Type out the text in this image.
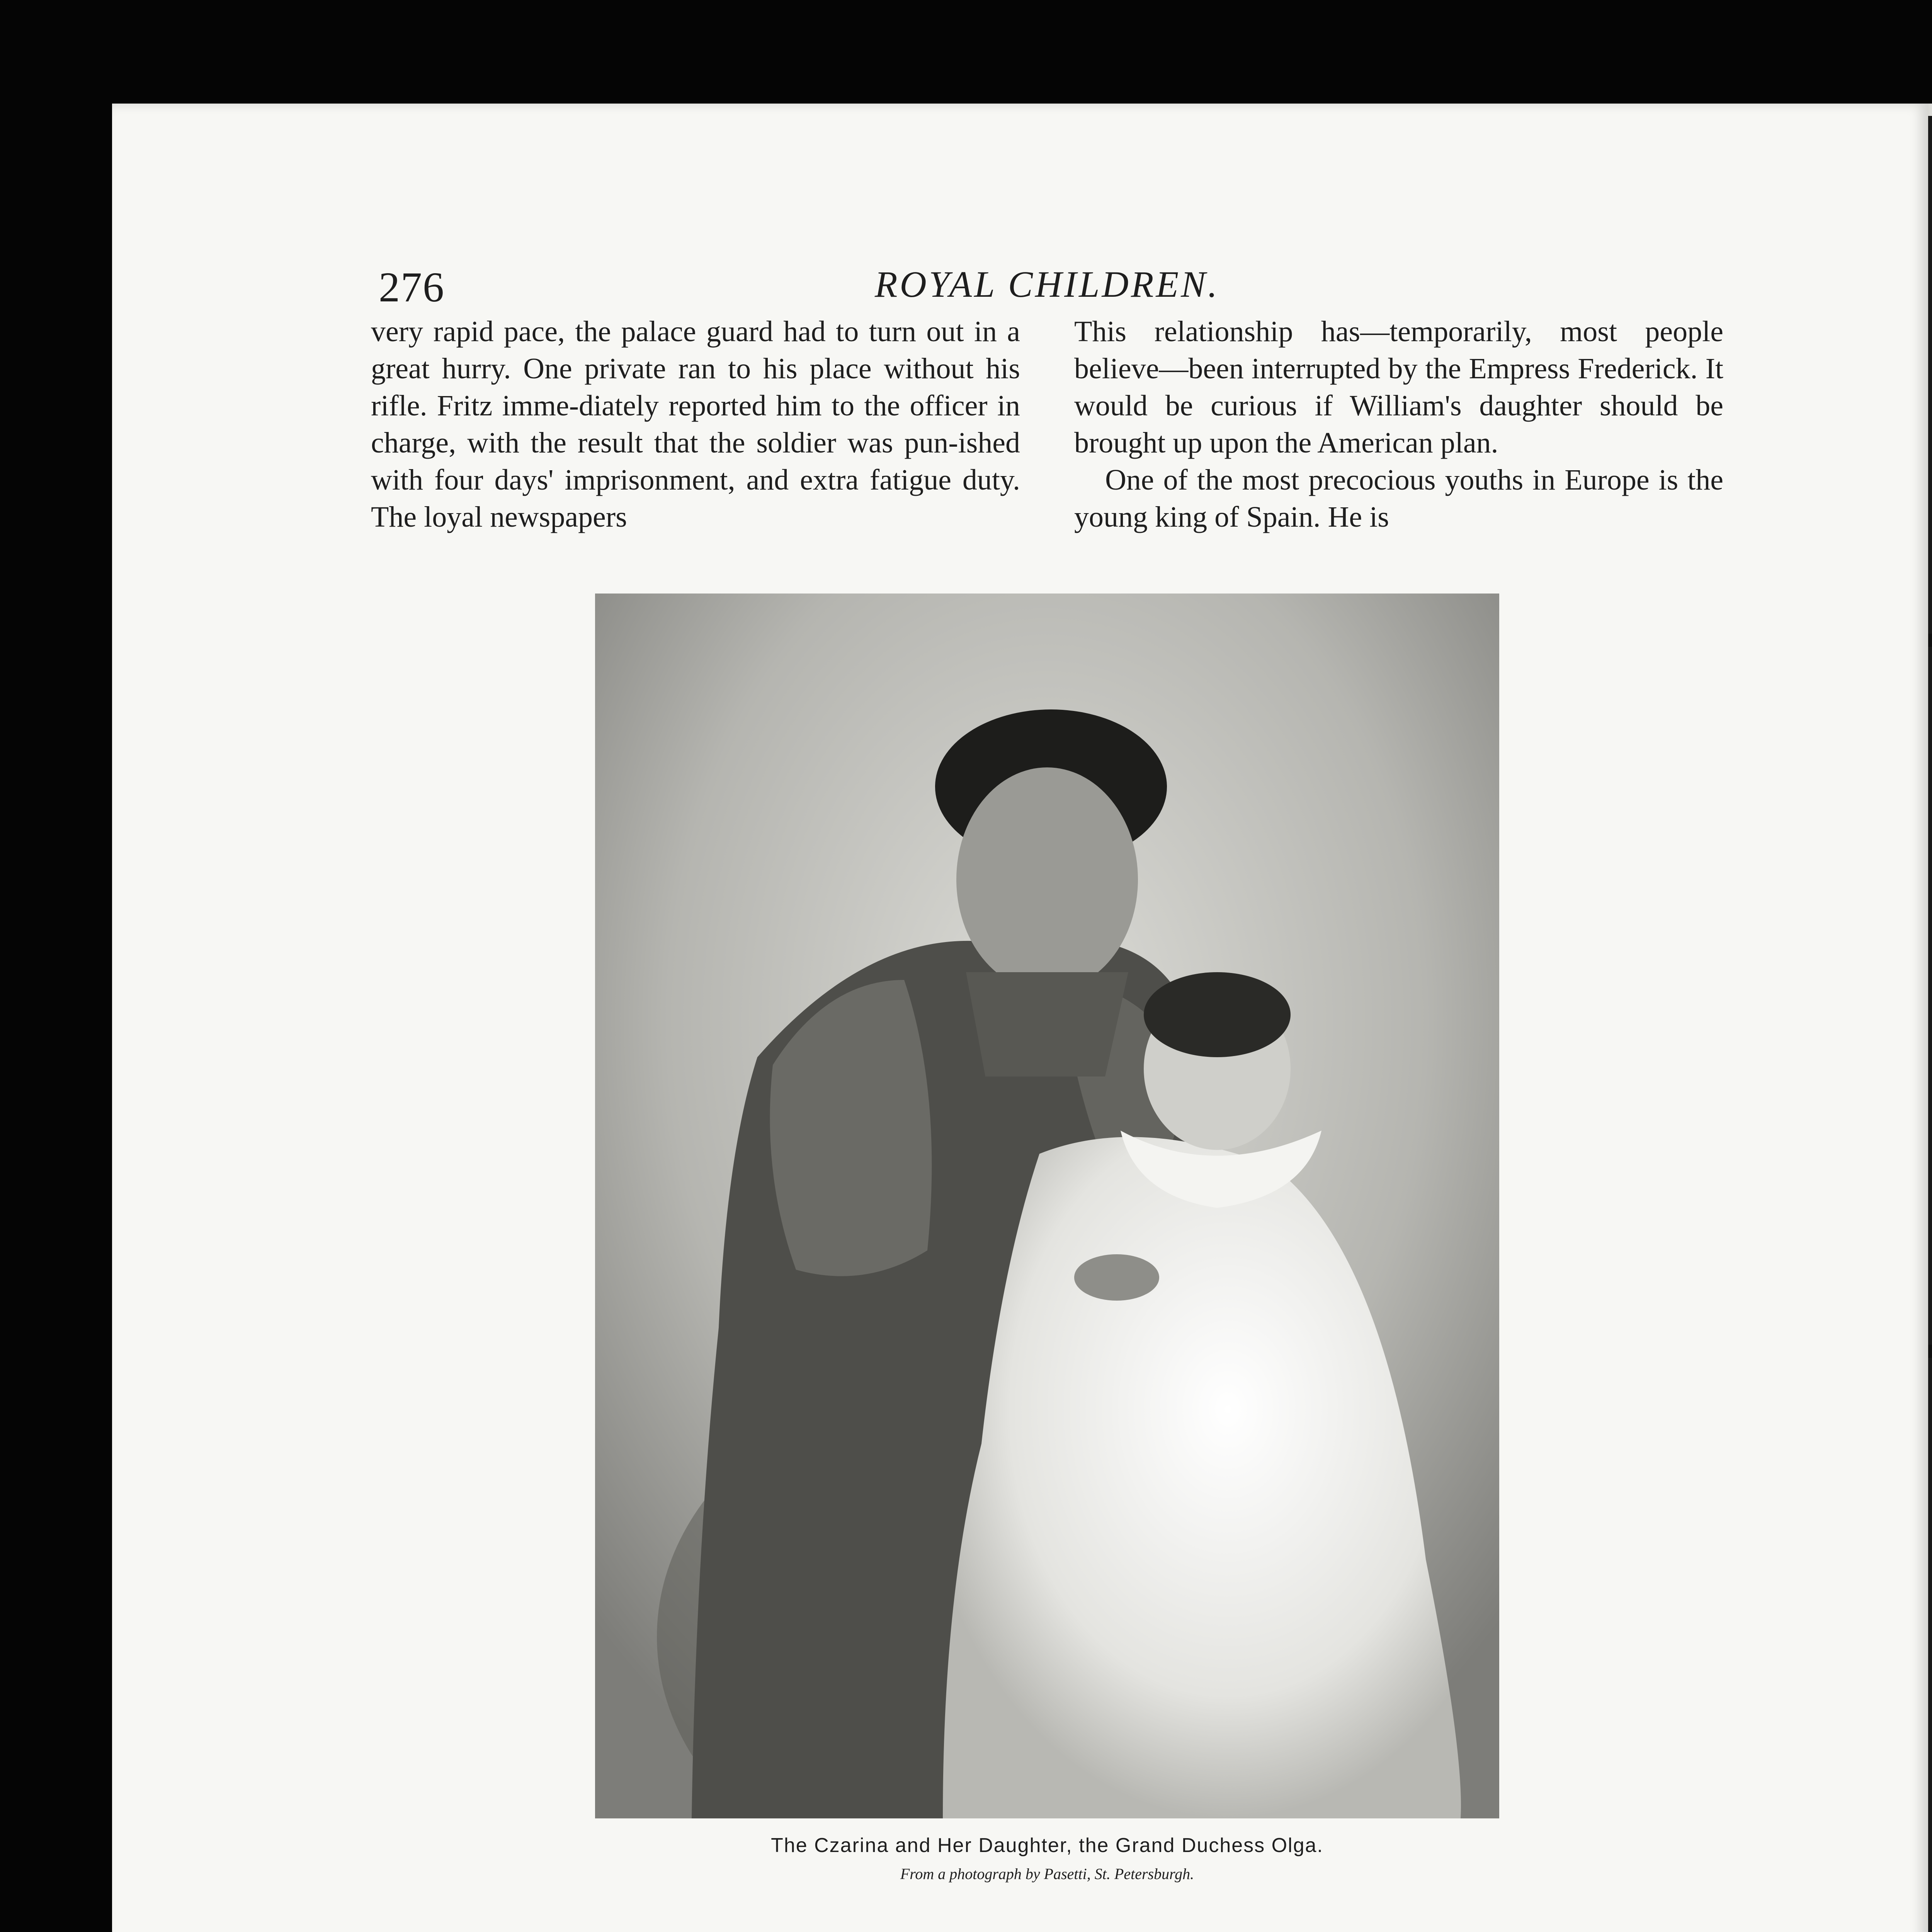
276	ROYAL CHILDREN.

very rapid pace, the palace guard had to turn out in a great hurry. One private ran to his place without his rifle. Fritz imme-diately reported him to the officer in charge, with the result that the soldier was pun-ished with four days' imprisonment, and extra fatigue duty. The loyal newspapers

This relationship has—temporarily, most people believe—been interrupted by the Empress Frederick. It would be curious if William's daughter should be brought up upon the American plan.

One of the most precocious youths in Europe is the young king of Spain. He is

The Czarina and Her Daughter, the Grand Duchess Olga.
From a photograph by Pasetti, St. Petersburgh.
